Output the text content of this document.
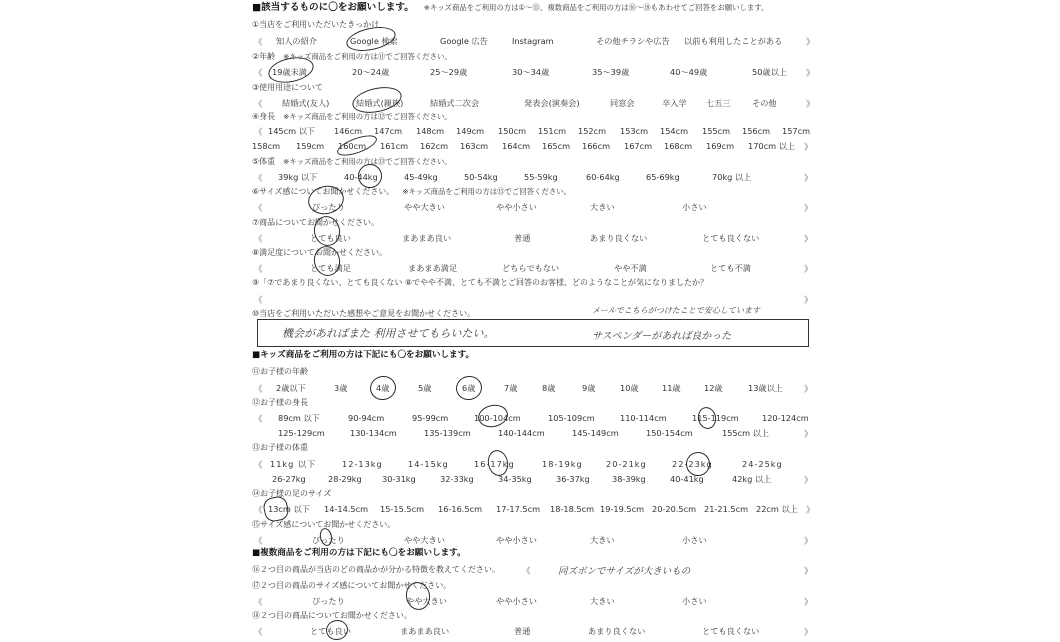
■該当するものに〇をお願いします。 ※キッズ商品をご利用の方は①～⑮、複数商品をご利用の方は⑯～⑱もあわせてご回答をお願いします。
①当店をご利用いただいたきっかけ
《 知人の紹介	Google 検索	Google 広告	Instagram	その他チラシや広告 以前も利用したことがある	》
②年齢 ※キッズ商品をご利用の方は⑪でご回答ください。
《 19歳未満	20～24歳	25～29歳	30～34歳	35～39歳	40～49歳	50歳以上 》
③使用用途について
《 結婚式(友人)	結婚式(親族)	結婚式二次会	発表会(演奏会)	同窓会	卒入学 七五三	その他	》
④身長 ※キッズ商品をご利用の方は⑫でご回答ください。
《 145cm 以下 146cm 147cm 148cm 149cm 150cm 151cm 152cm 153cm 154cm 155cm 156cm 157cm
158cm 159cm 160cm 161cm 162cm 163cm 164cm 165cm 166cm 167cm 168cm 169cm 170cm 以上 》
⑤体重 ※キッズ商品をご利用の方は⑬でご回答ください。
《 39kg 以下	40-44kg	45-49kg	50-54kg	55-59kg	60-64kg	65-69kg	70kg 以上	》
⑥サイズ感についてお聞かせください。 ※キッズ商品をご利用の方は⑮でご回答ください。
《	ぴったり	やや大きい	やや小さい	大きい	小さい	》
⑦商品についてお聞かせください。
《	とても良い	まあまあ良い	普通	あまり良くない	とても良くない	》
⑧満足度についてお聞かせください。
《	とても満足	まあまあ満足	どちらでもない	やや不満	とても不満	》
⑨「⑦であまり良くない、とても良くない ⑧でやや不満、とても不満とご回答のお客様、どのようなことが気になりましたか？
《	》
⑩当店をご利用いただいた感想やご意見をお聞かせください。	メールでこちらがつけたことで安心しています
機会があればまた 利用させてもらいたい。	サスペンダーがあれば良かった
■キッズ商品をご利用の方は下記にも〇をお願いします。
⑪お子様の年齢
《 2歳以下	3歳	4歳	5歳	6歳	7歳	8歳	9歳	10歳	11歳	12歳	13歳以上 》
⑫お子様の身長
《 89cm 以下	90-94cm	95-99cm	100-104cm	105-109cm	110-114cm	115-119cm	120-124cm
125-129cm	130-134cm	135-139cm	140-144cm	145-149cm	150-154cm	155cm 以上	》
⑬お子様の体重
《 11kg 以下	12-13kg	14-15kg	16-17kg	18-19kg	20-21kg	22-23kg	24-25kg
26-27kg	28-29kg 30-31kg	32-33kg	34-35kg	36-37kg	38-39kg	40-41kg	42kg 以上	》
⑭お子様の足のサイズ
《 13cm 以下 14-14.5cm 15-15.5cm 16-16.5cm 17-17.5cm 18-18.5cm 19-19.5cm 20-20.5cm 21-21.5cm 22cm 以上 》
⑮サイズ感についてお聞かせください。
《	ぴったり	やや大きい	やや小さい	大きい	小さい	》
■複数商品をご利用の方は下記にも〇をお願いします。
⑯２つ目の商品が当店のどの商品かが分かる特徴を教えてください。	《	同ズボンでサイズが大きいもの	》
⑰２つ目の商品のサイズ感についてお聞かせください。
《	ぴったり	やや大きい	やや小さい	大きい	小さい	》
⑱２つ目の商品についてお聞かせください。
《	とても良い	まあまあ良い	普通	あまり良くない	とても良くない	》
